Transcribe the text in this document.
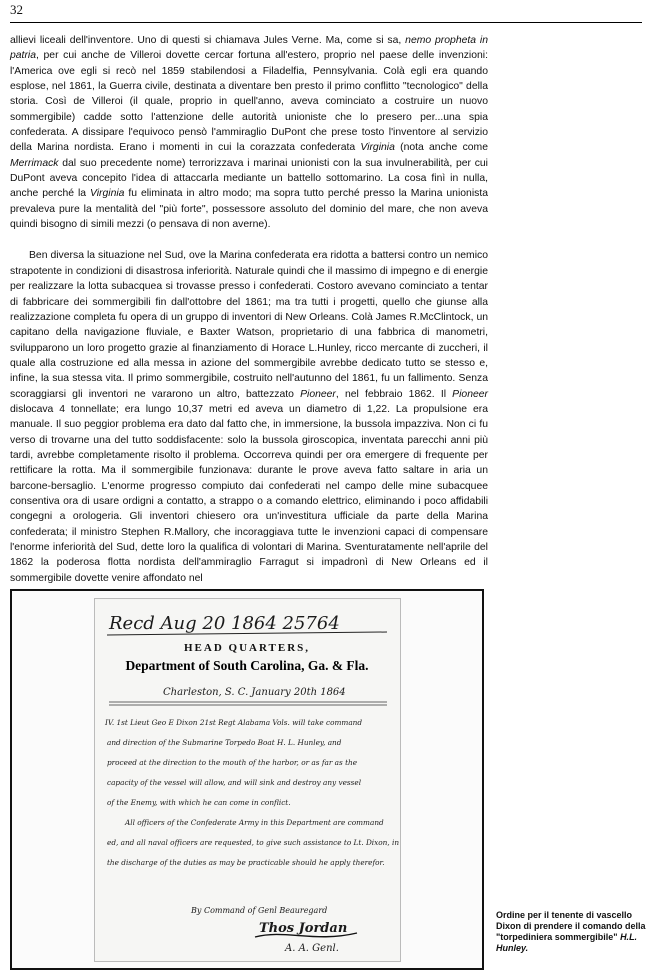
32

allievi liceali dell'inventore. Uno di questi si chiamava Jules Verne. Ma, come si sa, nemo propheta in patria, per cui anche de Villeroi dovette cercar fortuna all'estero, proprio nel paese delle invenzioni: l'America ove egli si recò nel 1859 stabilendosi a Filadelfia, Pennsylvania. Colà egli era quando esplose, nel 1861, la Guerra civile, destinata a diventare ben presto il primo conflitto "tecnologico" della storia. Così de Villeroi (il quale, proprio in quell'anno, aveva cominciato a costruire un nuovo sommergibile) cadde sotto l'attenzione delle autorità unioniste che lo presero per...una spia confederata. A dissipare l'equivoco pensò l'ammiraglio DuPont che prese tosto l'inventore al servizio della Marina nordista. Erano i momenti in cui la corazzata confederata Virginia (nota anche come Merrimack dal suo precedente nome) terrorizzava i marinai unionisti con la sua invulnerabilità, per cui DuPont aveva concepito l'idea di attaccarla mediante un battello sottomarino. La cosa finì in nulla, anche perché la Virginia fu eliminata in altro modo; ma sopra tutto perché presso la Marina unionista prevaleva pure la mentalità del "più forte", possessore assoluto del dominio del mare, che non aveva quindi bisogno di simili mezzi (o pensava di non averne).

Ben diversa la situazione nel Sud, ove la Marina confederata era ridotta a battersi contro un nemico strapotente in condizioni di disastrosa inferiorità. Naturale quindi che il massimo di impegno e di energie per realizzare la lotta subacquea si trovasse presso i confederati. Costoro avevano cominciato a tentar di fabbricare dei sommergibili fin dall'ottobre del 1861; ma tra tutti i progetti, quello che giunse alla realizzazione completa fu opera di un gruppo di inventori di New Orleans. Colà James R.McClintock, un capitano della navigazione fluviale, e Baxter Watson, proprietario di una fabbrica di manometri, svilupparono un loro progetto grazie al finanziamento di Horace L.Hunley, ricco mercante di zuccheri, il quale alla costruzione ed alla messa in azione del sommergibile avrebbe dedicato tutto se stesso e, infine, la sua stessa vita. Il primo sommergibile, costruito nell'autunno del 1861, fu un fallimento. Senza scoraggiarsi gli inventori ne vararono un altro, battezzato Pioneer, nel febbraio 1862. Il Pioneer dislocava 4 tonnellate; era lungo 10,37 metri ed aveva un diametro di 1,22. La propulsione era manuale. Il suo peggior problema era dato dal fatto che, in immersione, la bussola impazziva. Non ci fu verso di trovarne una del tutto soddisfacente: solo la bussola giroscopica, inventata parecchi anni più tardi, avrebbe completamente risolto il problema. Occorreva quindi per ora emergere di frequente per rettificare la rotta. Ma il sommergibile funzionava: durante le prove aveva fatto saltare in aria un barcone-bersaglio. L'enorme progresso compiuto dai confederati nel campo delle mine subacquee consentiva ora di usare ordigni a contatto, a strappo o a comando elettrico, eliminando i poco affidabili congegni a orologeria. Gli inventori chiesero ora un'investitura ufficiale da parte della Marina confederata; il ministro Stephen R.Mallory, che incoraggiava tutte le invenzioni capaci di compensare l'enorme inferiorità del Sud, dette loro la qualifica di volontari di Marina. Sventuratamente nell'aprile del 1862 la poderosa flotta nordista dell'ammiraglio Farragut si impadronì di New Orleans ed il sommergibile dovette venire affondato nel

Recd Aug 20 1864 25764
HEAD QUARTERS,
Department of South Carolina, Ga. & Fla.
Charleston, S. C. January 20th 1864
IV. 1st Lieut Geo E Dixon 21st Regt Alabama Vols. will take command
and direction of the Submarine Torpedo Boat H. L. Hunley, and
proceed at the direction to the mouth of the harbor, or as far as the
capacity of the vessel will allow, and will sink and destroy any vessel
of the Enemy, with which he can come in conflict.
All officers of the Confederate Army in this Department are command
ed, and all naval officers are requested, to give such assistance to Lt. Dixon, in
the discharge of the duties as may be practicable should he apply therefor.
By Command of Genl Beauregard
Thos Jordan
A. A. Genl.
Ordine per il tenente di vascello Dixon di prendere il comando della "torpediniera sommergibile" H.L. Hunley.
